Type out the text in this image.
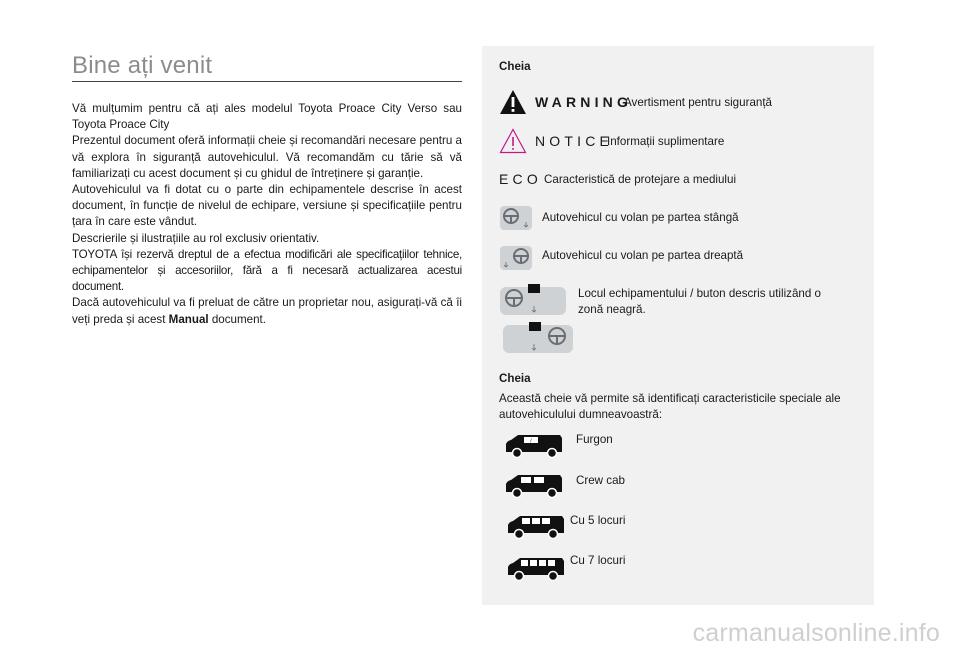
Bine ați venit

Vă mulțumim pentru că ați ales modelul Toyota Proace City Verso sau Toyota Proace City

Prezentul document oferă informații cheie și recomandări necesare pentru a vă explora în siguranță autovehiculul. Vă recomandăm cu tărie să vă familiarizați cu acest document și cu ghidul de întreținere și garanție.

Autovehiculul va fi dotat cu o parte din echipamentele descrise în acest document, în funcție de nivelul de echipare, versiune și specificațiile pentru țara în care este vândut.

Descrierile și ilustrațiile au rol exclusiv orientativ.

TOYOTA își rezervă dreptul de a efectua modificări ale specificațiilor tehnice, echipamentelor și accesoriilor, fără a fi necesară actualizarea acestui document.

Dacă autovehiculul va fi preluat de către un proprietar nou, asigurați-vă că îi veți preda și acest Manual document.

Cheia
WARNING
Avertisment pentru siguranță
NOTICE
Informații suplimentare
ECO Caracteristică de protejare a mediului
Autovehicul cu volan pe partea stângă
Autovehicul cu volan pe partea dreaptă
Locul echipamentului / buton descris utilizând o zonă neagră.
Cheia
Această cheie vă permite să identificați caracteristicile speciale ale autovehiculului dumneavoastră:
/	Furgon
Crew cab
Cu 5 locuri
Cu 7 locuri
carmanualsonline.info
